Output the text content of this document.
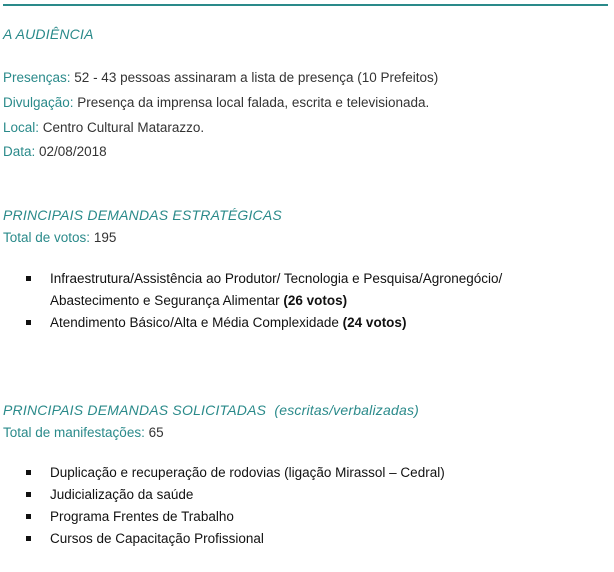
A AUDIÊNCIA
Presenças: 52 - 43 pessoas assinaram a lista de presença (10 Prefeitos)
Divulgação: Presença da imprensa local falada, escrita e televisionada.
Local: Centro Cultural Matarazzo.
Data: 02/08/2018
PRINCIPAIS DEMANDAS ESTRATÉGICAS
Total de votos: 195
Infraestrutura/Assistência ao Produtor/ Tecnologia e Pesquisa/Agronegócio/
Abastecimento e Segurança Alimentar (26 votos)
Atendimento Básico/Alta e Média Complexidade (24 votos)
PRINCIPAIS DEMANDAS SOLICITADAS  (escritas/verbalizadas)
Total de manifestações: 65
Duplicação e recuperação de rodovias (ligação Mirassol – Cedral)
Judicialização da saúde
Programa Frentes de Trabalho
Cursos de Capacitação Profissional
